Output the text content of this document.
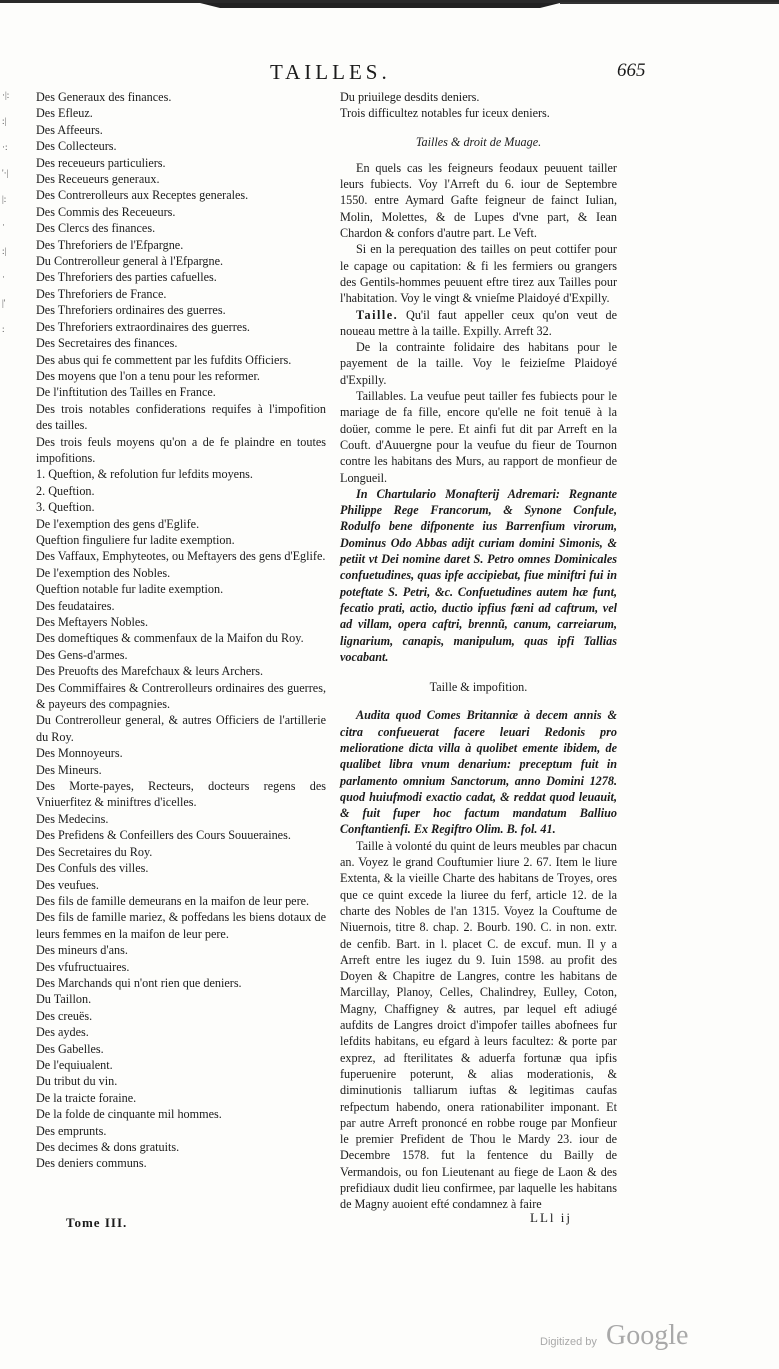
·|:
:|
·:
'·|
|:
·
:|
·
|'
:
TAILLES.	665
Des Generaux des finances.
Des Efleuz.
Des Affeeurs.
Des Collecteurs.
Des receueurs particuliers.
Des Receueurs generaux.
Des Contrerolleurs aux Receptes generales.
Des Commis des Receueurs.
Des Clercs des finances.
Des Threforiers de l'Efpargne.
Du Contrerolleur general à l'Efpargne.
Des Threforiers des parties cafuelles.
Des Threforiers de France.
Des Threforiers ordinaires des guerres.
Des Threforiers extraordinaires des guerres.
Des Secretaires des finances.
Des abus qui fe commettent par les fufdits Officiers.
Des moyens que l'on a tenu pour les reformer.
De l'inftitution des Tailles en France.
Des trois notables confiderations requifes à l'impofition des tailles.
Des trois feuls moyens qu'on a de fe plaindre en toutes impofitions.
1. Queftion, & refolution fur lefdits moyens.
2. Queftion.
3. Queftion.
De l'exemption des gens d'Eglife.
Queftion finguliere fur ladite exemption.
Des Vaffaux, Emphyteotes, ou Meftayers des gens d'Eglife.
De l'exemption des Nobles.
Queftion notable fur ladite exemption.
Des feudataires.
Des Meftayers Nobles.
Des domeftiques & commenfaux de la Maifon du Roy.
Des Gens-d'armes.
Des Preuofts des Marefchaux & leurs Archers.
Des Commiffaires & Contrerolleurs ordinaires des guerres, & payeurs des compagnies.
Du Contrerolleur general, & autres Officiers de l'artillerie du Roy.
Des Monnoyeurs.
Des Mineurs.
Des Morte-payes, Recteurs, docteurs regens des Vniuerfitez & miniftres d'icelles.
Des Medecins.
Des Prefidens & Confeillers des Cours Souueraines.
Des Secretaires du Roy.
Des Confuls des villes.
Des veufues.
Des fils de famille demeurans en la maifon de leur pere.
Des fils de famille mariez, & poffedans les biens dotaux de leurs femmes en la maifon de leur pere.
Des mineurs d'ans.
Des vfufructuaires.
Des Marchands qui n'ont rien que deniers.
Du Taillon.
Des creuës.
Des aydes.
Des Gabelles.
De l'equiualent.
Du tribut du vin.
De la traicte foraine.
De la folde de cinquante mil hommes.
Des emprunts.
Des decimes & dons gratuits.
Des deniers communs.

Du priuilege desdits deniers.

Trois difficultez notables fur iceux deniers.

Tailles & droit de Muage.

En quels cas les feigneurs feodaux peuuent tailler leurs fubiects. Voy l'Arreft du 6. iour de Septembre 1550. entre Aymard Gafte feigneur de fainct Iulian, Molin, Molettes, & de Lupes d'vne part, & Iean Chardon & confors d'autre part. Le Veft.

Si en la perequation des tailles on peut cottifer pour le capage ou capitation: & fi les fermiers ou grangers des Gentils-hommes peuuent eftre tirez aux Tailles pour l'habitation. Voy le vingt & vnieſme Plaidoyé d'Expilly.

Taille. Qu'il faut appeller ceux qu'on veut de noueau mettre à la taille. Expilly. Arreft 32.

De la contrainte folidaire des habitans pour le payement de la taille. Voy le feizieſme Plaidoyé d'Expilly.

Taillables. La veufue peut tailler fes fubiects pour le mariage de fa fille, encore qu'elle ne foit tenuë à la doüer, comme le pere. Et ainfi fut dit par Arreft en la Couft. d'Auuergne pour la veufue du fieur de Tournon contre les habitans des Murs, au rapport de monfieur de Longueil.

In Chartulario Monafterij Adremari: Regnante Philippe Rege Francorum, & Synone Confule, Rodulfo bene difponente ius Barrenfium virorum, Dominus Odo Abbas adijt curiam domini Simonis, & petiit vt Dei nomine daret S. Petro omnes Dominicales confuetudines, quas ipfe accipiebat, fiue miniftri fui in poteftate S. Petri, &c. Confuetudines autem hæ funt, fecatio prati, actio, ductio ipfius fœni ad caftrum, vel ad villam, opera caftri, brennũ, canum, carreiarum, lignarium, canapis, manipulum, quas ipfi Tallias vocabant.

Taille & impofition.

Audita quod Comes Britanniæ à decem annis & citra confueuerat facere leuari Redonis pro melioratione dicta villa à quolibet emente ibidem, de qualibet libra vnum denarium: preceptum fuit in parlamento omnium Sanctorum, anno Domini 1278. quod huiufmodi exactio cadat, & reddat quod leuauit, & fuit fuper hoc factum mandatum Balliuo Conftantienfi. Ex Regiftro Olim. B. fol. 41.

Taille à volonté du quint de leurs meubles par chacun an. Voyez le grand Couftumier liure 2. 67. Item le liure Extenta, & la vieille Charte des habitans de Troyes, ores que ce quint excede la liuree du ferf, article 12. de la charte des Nobles de l'an 1315. Voyez la Couftume de Niuernois, titre 8. chap. 2. Bourb. 190. C. in non. extr. de cenfib. Bart. in l. placet C. de excuf. mun. Il y a Arreft entre les iugez du 9. Iuin 1598. au profit des Doyen & Chapitre de Langres, contre les habitans de Marcillay, Planoy, Celles, Chalindrey, Eulley, Coton, Magny, Chaffigney & autres, par lequel eft adiugé aufdits de Langres droict d'impofer tailles abofnees fur lefdits habitans, eu efgard à leurs facultez: & porte par exprez, ad fterilitates & aduerfa fortunæ qua ipfis fuperuenire poterunt, & alias moderationis, & diminutionis talliarum iuftas & legitimas caufas refpectum habendo, onera rationabiliter imponant. Et par autre Arreft prononcé en robbe rouge par Monfieur le premier Prefident de Thou le Mardy 23. iour de Decembre 1578. fut la fentence du Bailly de Vermandois, ou fon Lieutenant au fiege de Laon & des prefidiaux dudit lieu confirmee, par laquelle les habitans de Magny auoient efté condamnez à faire

Tome III.	LLl ij
Digitized by Google
